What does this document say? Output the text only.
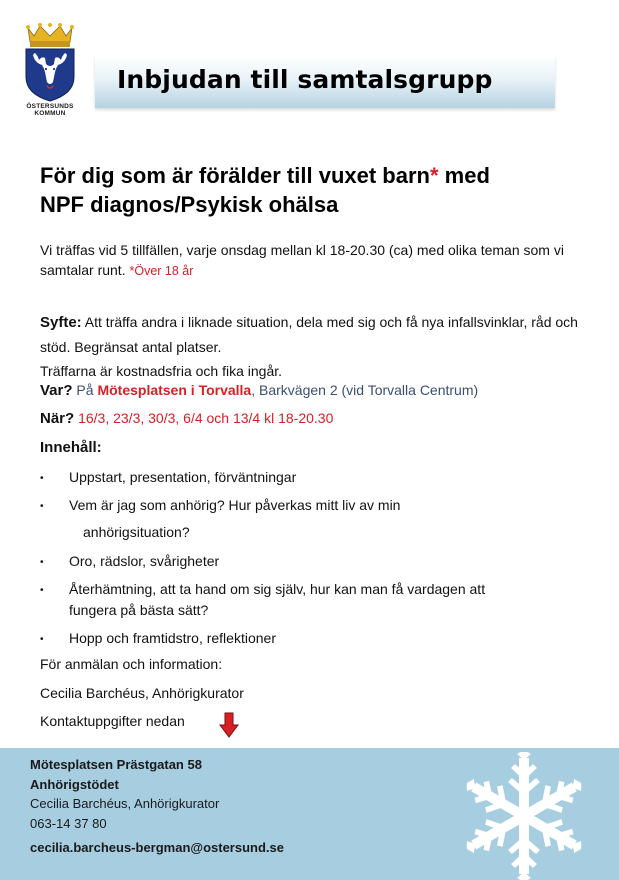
ÖSTERSUNDS
KOMMUN
Inbjudan till samtalsgrupp
För dig som är förälder till vuxet barn* med
NPF diagnos/Psykisk ohälsa
Vi träffas vid 5 tillfällen, varje onsdag mellan kl 18-20.30 (ca) med olika teman som vi samtalar runt. *Över 18 år
Syfte: Att träffa andra i liknade situation, dela med sig och få nya infallsvinklar, råd och stöd. Begränsat antal platser.
Träffarna är kostnadsfria och fika ingår.
Var? På Mötesplatsen i Torvalla, Barkvägen 2 (vid Torvalla Centrum)
När? 16/3, 23/3, 30/3, 6/4 och 13/4 kl 18-20.30
Innehåll:
• Uppstart, presentation, förväntningar
• Vem är jag som anhörig? Hur påverkas mitt liv av min
anhörigsituation?
• Oro, rädslor, svårigheter
• Återhämtning, att ta hand om sig själv, hur kan man få vardagen att
fungera på bästa sätt?
• Hopp och framtidstro, reflektioner
För anmälan och information:
Cecilia Barchéus, Anhörigkurator
Kontaktuppgifter nedan
Mötesplatsen Prästgatan 58
Anhörigstödet
Cecilia Barchéus, Anhörigkurator
063-14 37 80
cecilia.barcheus-bergman@ostersund.se
